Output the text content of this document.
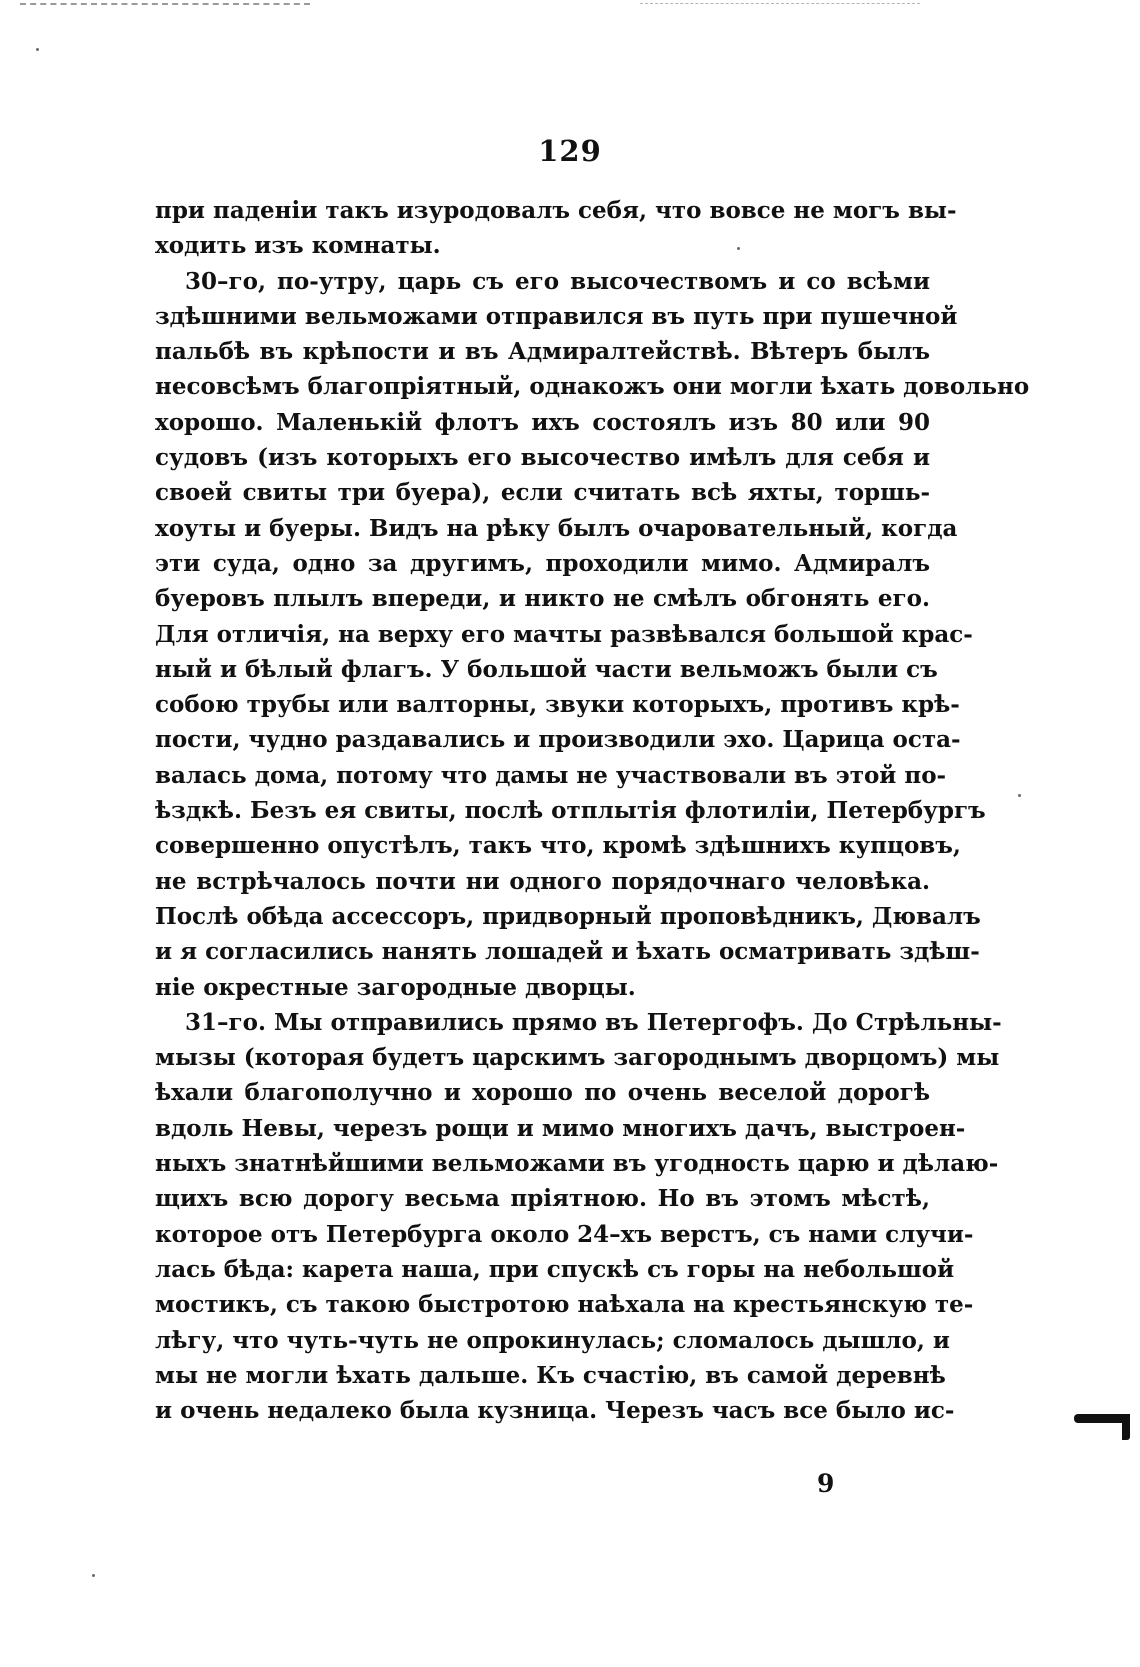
129
при паденiи такъ изуродовалъ себя, что вовсе не могъ вы-
ходить изъ комнаты.
30–го, по-утру, царь съ его высочествомъ и со всѣми
здѣшними вельможами отправился въ путь при пушечной
пальбѣ въ крѣпости и въ Адмиралтействѣ. Вѣтеръ былъ
несовсѣмъ благопрiятный, однакожъ они могли ѣхать довольно
хорошо. Маленькiй флотъ ихъ состоялъ изъ 80 или 90
судовъ (изъ которыхъ его высочество имѣлъ для себя и
своей свиты три буера), если считать всѣ яхты, торшь-
хоуты и буеры. Видъ на рѣку былъ очаровательный, когда
эти суда, одно за другимъ, проходили мимо. Адмиралъ
буеровъ плылъ впереди, и никто не смѣлъ обгонять его.
Для отличiя, на верху его мачты развѣвался большой крас-
ный и бѣлый флагъ. У большой части вельможъ были съ
собою трубы или валторны, звуки которыхъ, противъ крѣ-
пости, чудно раздавались и производили эхо. Царица оста-
валась дома, потому что дамы не участвовали въ этой по-
ѣздкѣ. Безъ ея свиты, послѣ отплытiя флотилiи, Петербургъ
совершенно опустѣлъ, такъ что, кромѣ здѣшнихъ купцовъ,
не встрѣчалось почти ни одного порядочнаго человѣка.
Послѣ обѣда ассессоръ, придворный проповѣдникъ, Дювалъ
и я согласились нанять лошадей и ѣхать осматривать здѣш-
нiе окрестные загородные дворцы.
31–го. Мы отправились прямо въ Петергофъ. До Стрѣльны-
мызы (которая будетъ царскимъ загороднымъ дворцомъ) мы
ѣхали благополучно и хорошо по очень веселой дорогѣ
вдоль Невы, черезъ рощи и мимо многихъ дачъ, выстроен-
ныхъ знатнѣйшими вельможами въ угодность царю и дѣлаю-
щихъ всю дорогу весьма прiятною. Но въ этомъ мѣстѣ,
которое отъ Петербурга около 24–хъ верстъ, съ нами случи-
лась бѣда: карета наша, при спускѣ съ горы на небольшой
мостикъ, съ такою быстротою наѣхала на крестьянскую те-
лѣгу, что чуть-чуть не опрокинулась; сломалось дышло, и
мы не могли ѣхать дальше. Къ счастiю, въ самой деревнѣ
и очень недалеко была кузница. Черезъ часъ все было ис-
9
